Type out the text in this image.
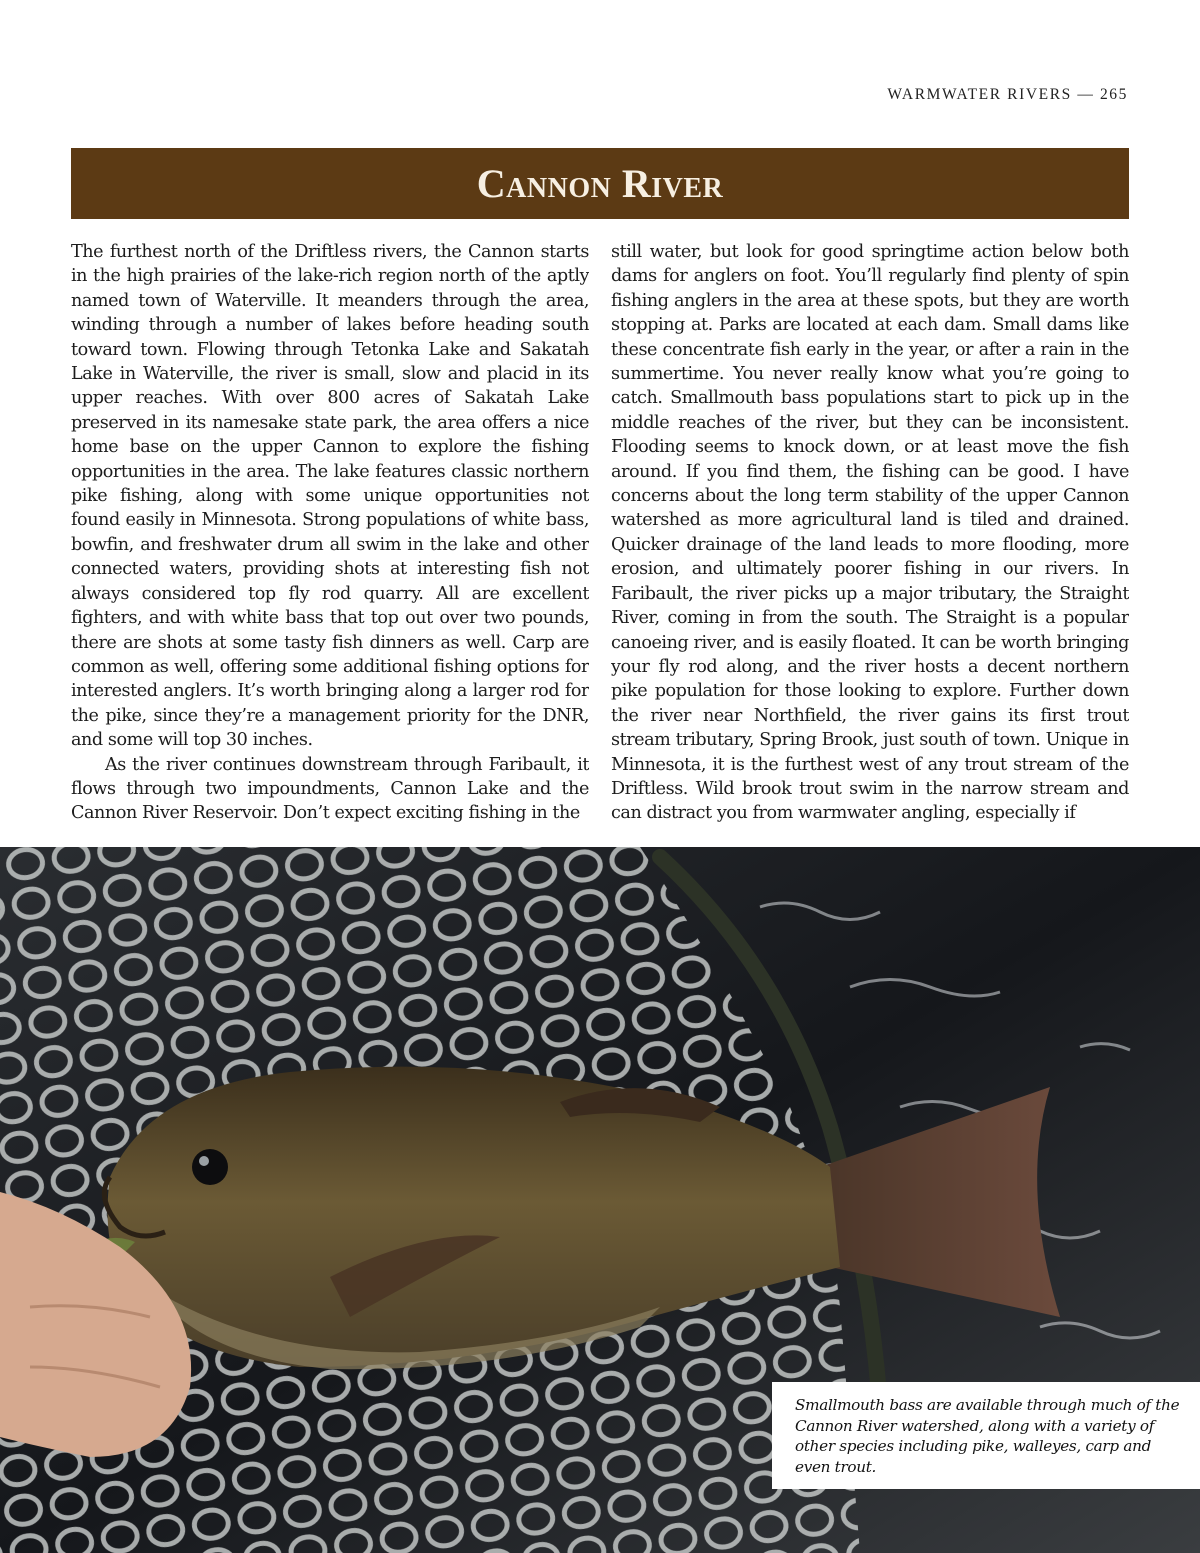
WARMWATER RIVERS — 265
Cannon River

The furthest north of the Driftless rivers, the Cannon starts in the high prairies of the lake-rich region north of the aptly named town of Waterville. It meanders through the area, winding through a number of lakes before heading south toward town. Flowing through Tetonka Lake and Sakatah Lake in Waterville, the river is small, slow and placid in its upper reaches. With over 800 acres of Sakatah Lake preserved in its namesake state park, the area offers a nice home base on the upper Cannon to explore the fishing opportunities in the area. The lake features classic northern pike fishing, along with some unique opportunities not found easily in Minnesota. Strong populations of white bass, bowfin, and freshwater drum all swim in the lake and other connected waters, providing shots at interesting fish not always considered top fly rod quarry. All are excellent fighters, and with white bass that top out over two pounds, there are shots at some tasty fish dinners as well. Carp are common as well, offering some additional fishing options for interested anglers. It’s worth bringing along a larger rod for the pike, since they’re a management priority for the DNR, and some will top 30 inches.

As the river continues downstream through Faribault, it flows through two impoundments, Cannon Lake and the Cannon River Reservoir. Don’t expect exciting fishing in the

still water, but look for good springtime action below both dams for anglers on foot. You’ll regularly find plenty of spin fishing anglers in the area at these spots, but they are worth stopping at. Parks are located at each dam. Small dams like these concentrate fish early in the year, or after a rain in the summertime. You never really know what you’re going to catch. Smallmouth bass populations start to pick up in the middle reaches of the river, but they can be inconsistent. Flooding seems to knock down, or at least move the fish around. If you find them, the fishing can be good. I have concerns about the long term stability of the upper Cannon watershed as more agricultural land is tiled and drained. Quicker drainage of the land leads to more flooding, more erosion, and ultimately poorer fishing in our rivers. In Faribault, the river picks up a major tributary, the Straight River, coming in from the south. The Straight is a popular canoeing river, and is easily floated. It can be worth bringing your fly rod along, and the river hosts a decent northern pike population for those looking to explore. Further down the river near Northfield, the river gains its first trout stream tributary, Spring Brook, just south of town. Unique in Minnesota, it is the furthest west of any trout stream of the Driftless. Wild brook trout swim in the narrow stream and can distract you from warmwater angling, especially if

Smallmouth bass are available through much of the Cannon River watershed, along with a variety of other species including pike, walleyes, carp and even trout.
